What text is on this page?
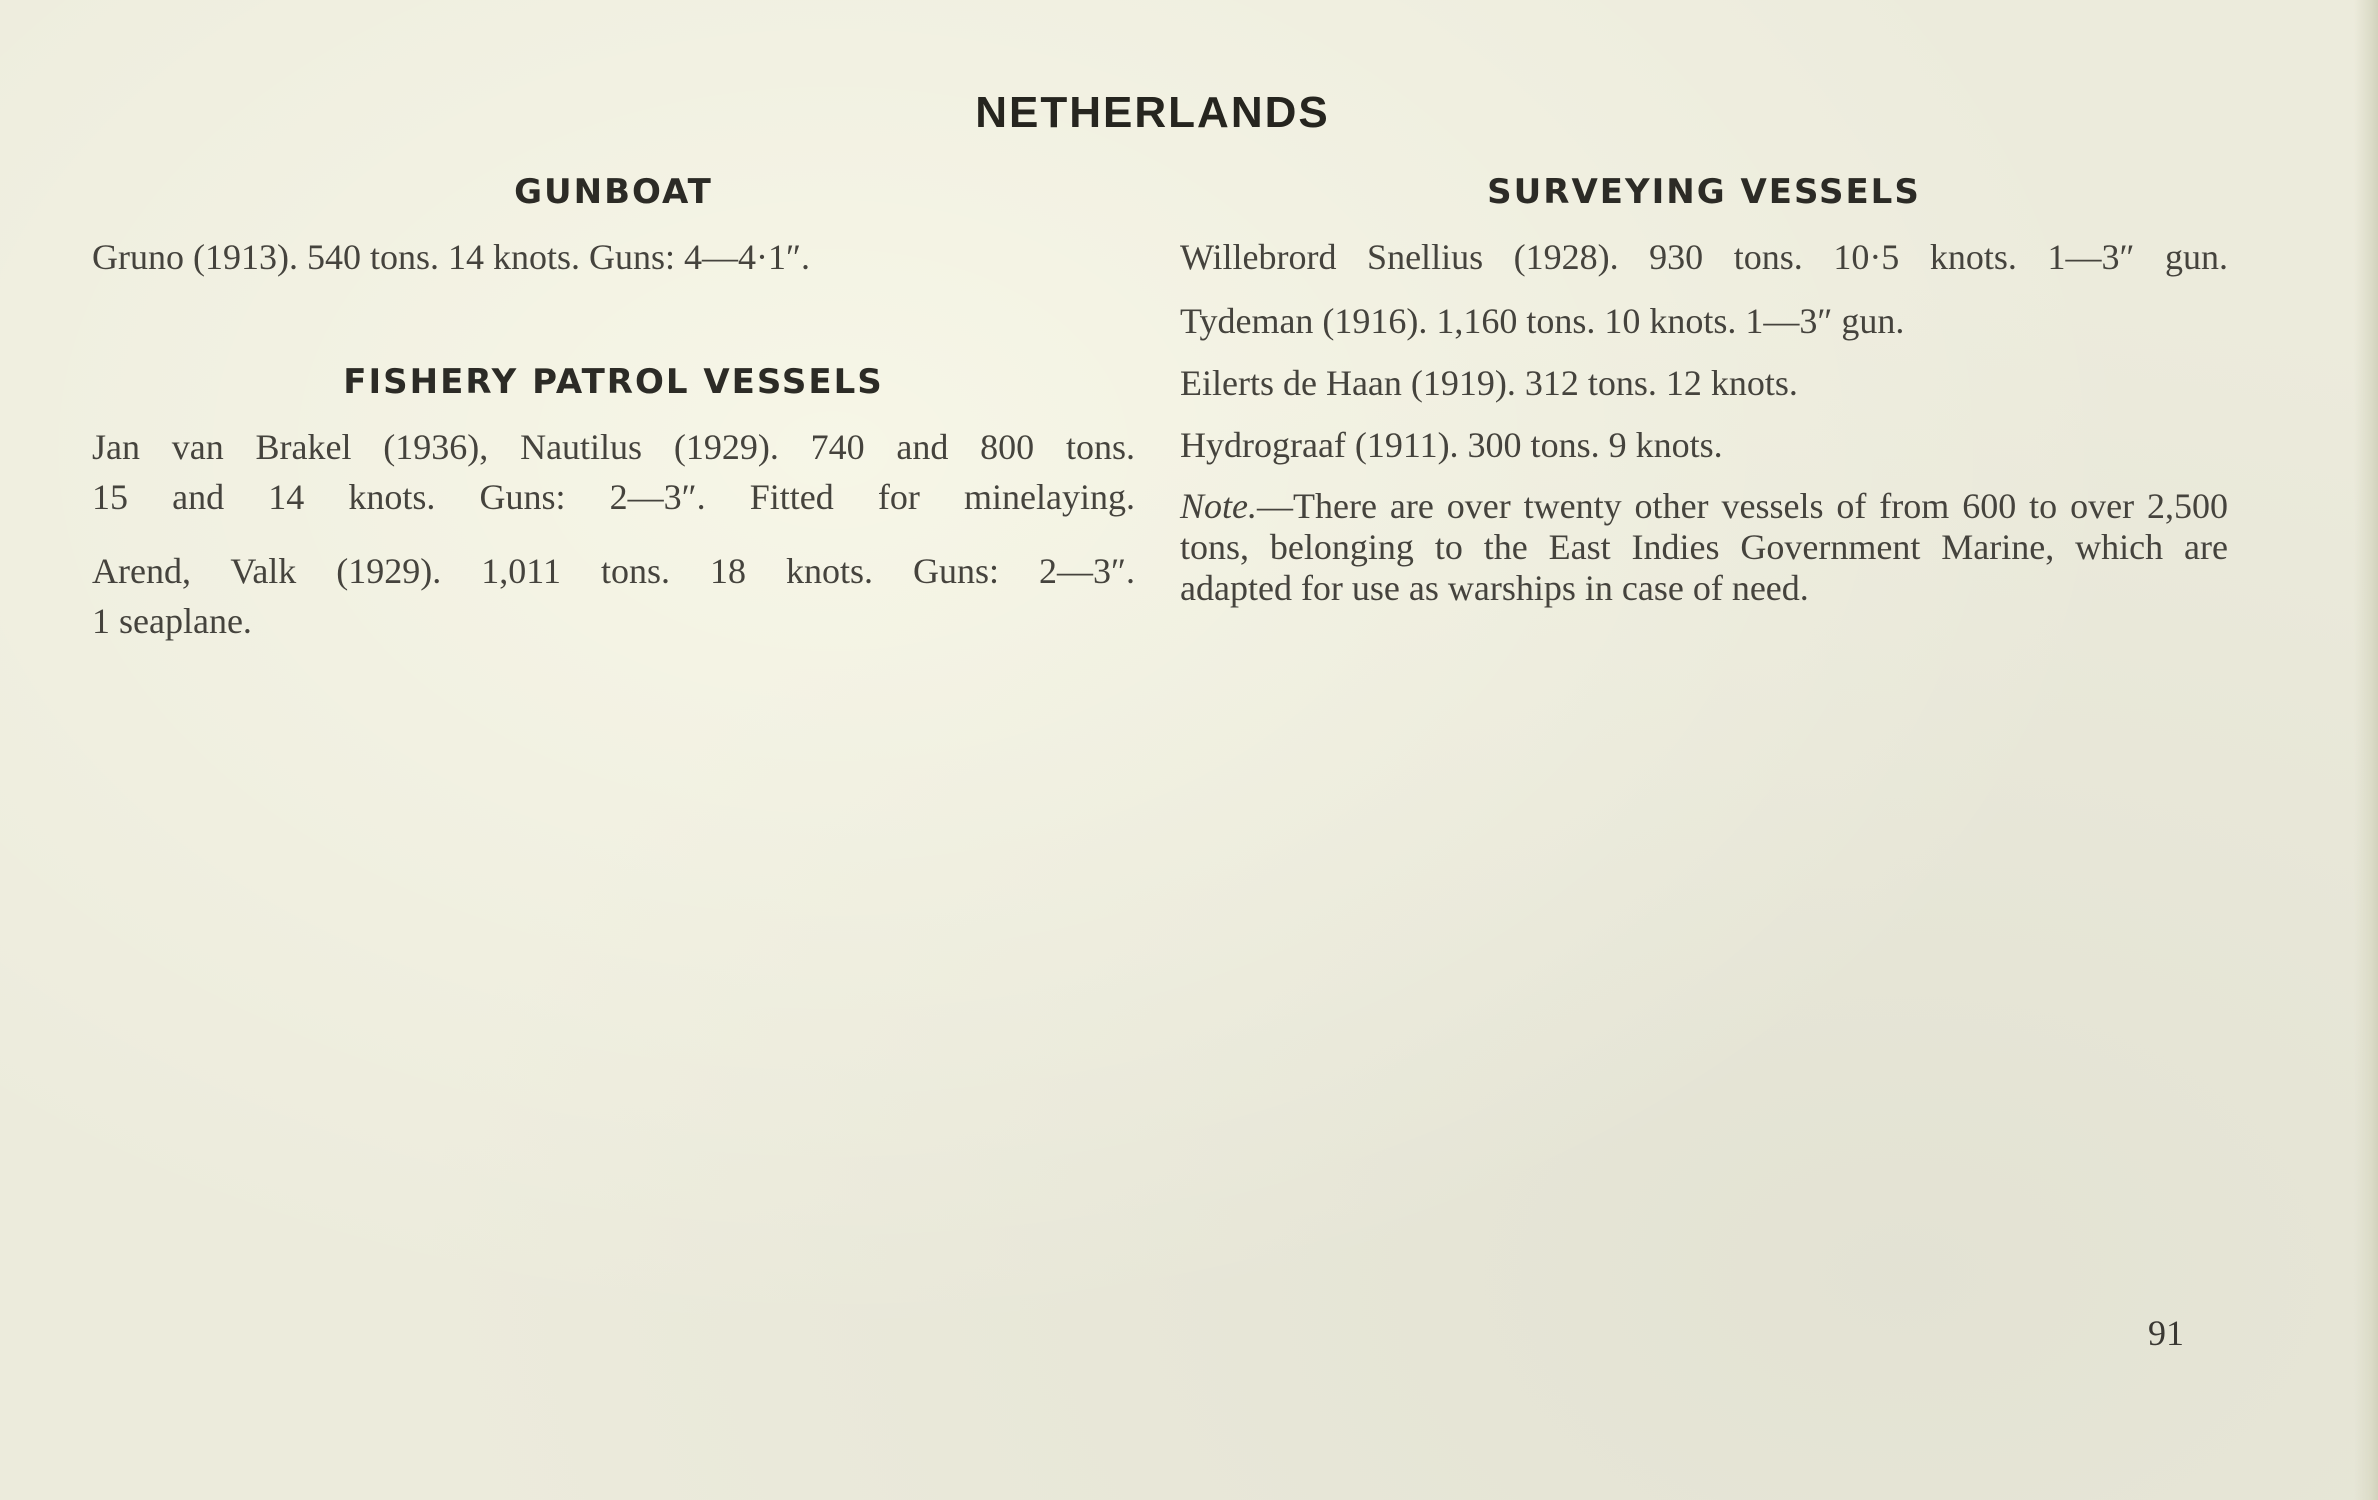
NETHERLANDS
GUNBOAT

Gruno (1913). 540 tons. 14 knots. Guns: 4—4·1″.

FISHERY PATROL VESSELS

Jan van Brakel (1936), Nautilus (1929). 740 and 800 tons.

15 and 14 knots. Guns: 2—3″. Fitted for minelaying.

Arend, Valk (1929). 1,011 tons. 18 knots. Guns: 2—3″.

1 seaplane.

SURVEYING VESSELS

Willebrord Snellius (1928). 930 tons. 10·5 knots. 1—3″ gun.

Tydeman (1916). 1,160 tons. 10 knots. 1—3″ gun.

Eilerts de Haan (1919). 312 tons. 12 knots.

Hydrograaf (1911). 300 tons. 9 knots.

Note.—There are over twenty other vessels of from 600 to over 2,500 tons, belonging to the East Indies Government Marine, which are adapted for use as warships in case of need.

91
